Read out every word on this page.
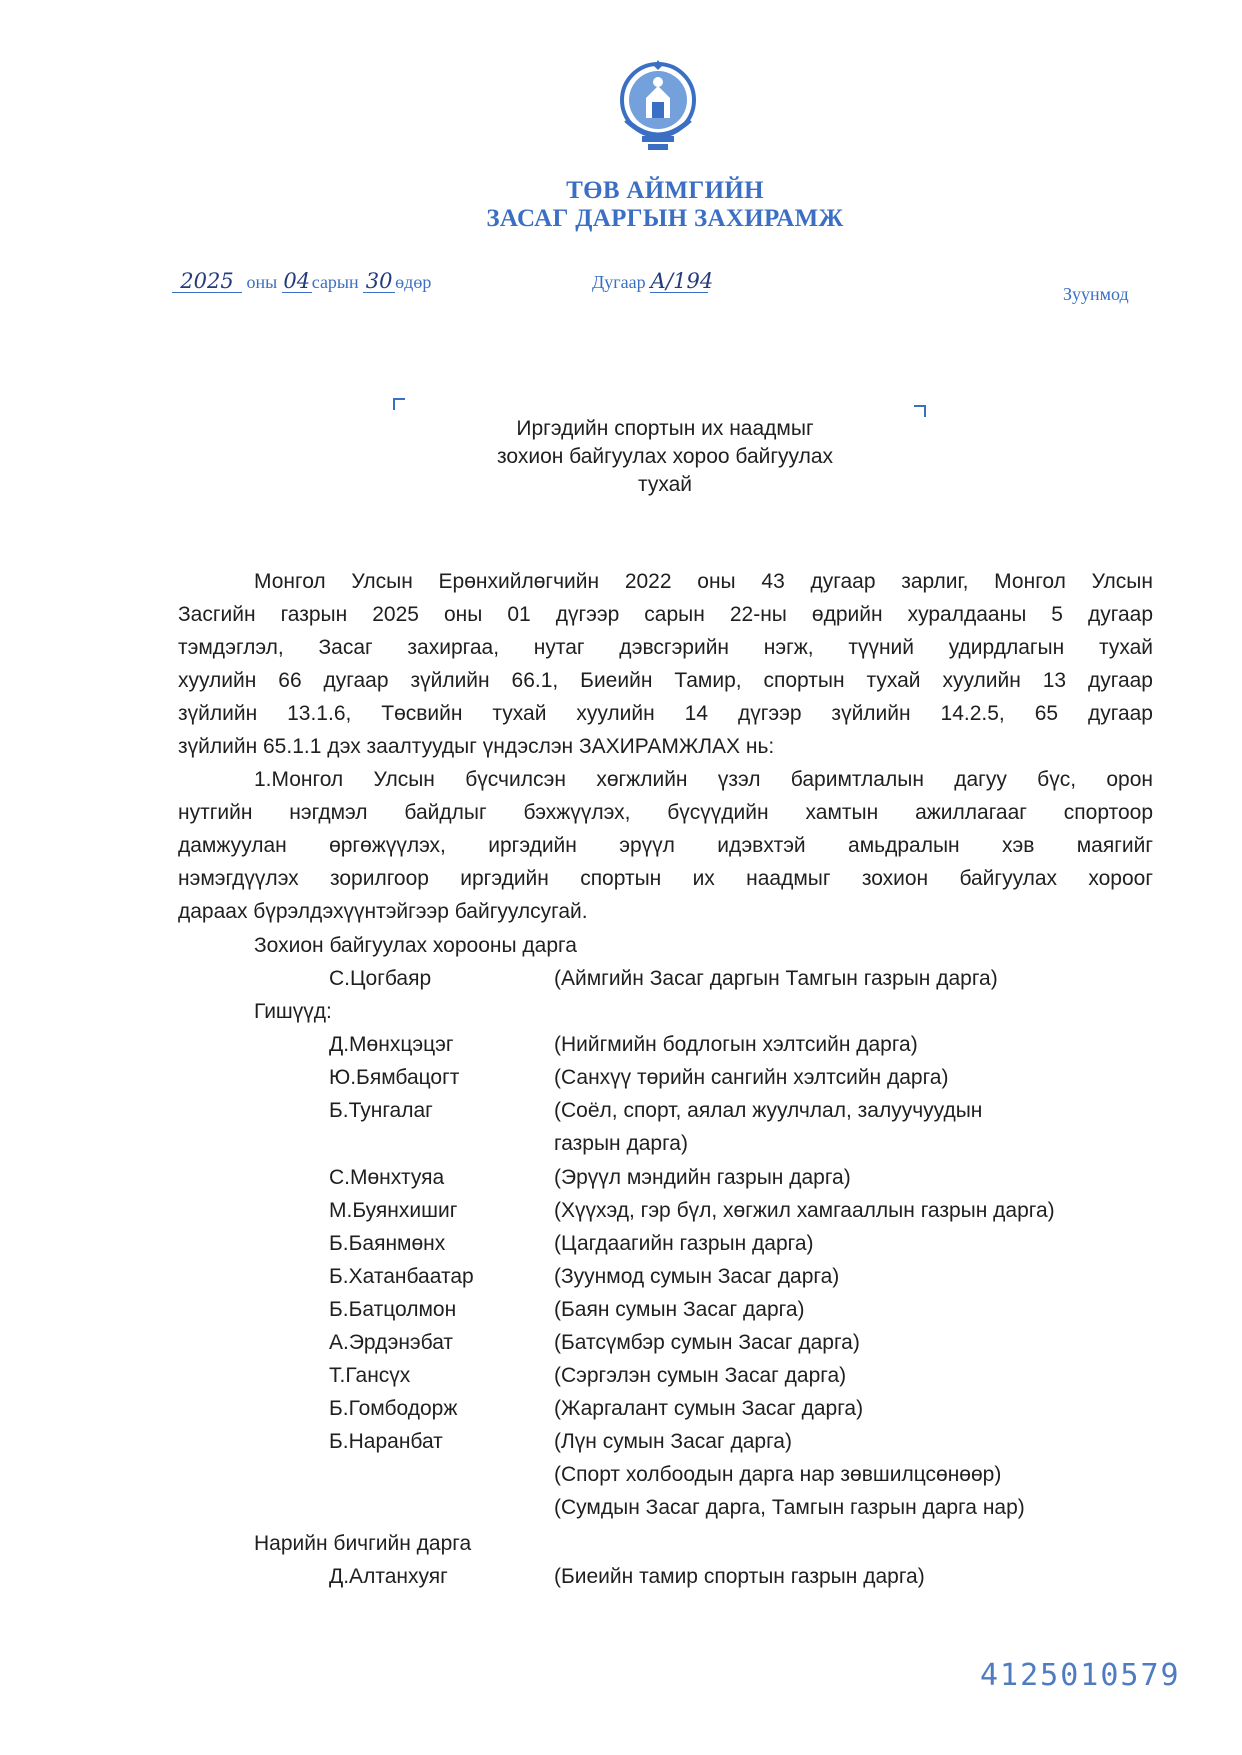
ТӨВ АЙМГИЙН
ЗАСАГ ДАРГЫН ЗАХИРАМЖ
2025 оны 04сарын 30 өдөр	Дугаар А/194
Зуунмод
Иргэдийн спортын их наадмыг
зохион байгуулах хороо байгуулах
тухай
Монгол Улсын Ерөнхийлөгчийн 2022 оны 43 дугаар зарлиг, Монгол Улсын
Засгийн газрын 2025 оны 01 дүгээр сарын 22-ны өдрийн хуралдааны 5 дугаар
тэмдэглэл, Засаг захиргаа, нутаг дэвсгэрийн нэгж, түүний удирдлагын тухай
хуулийн 66 дугаар зүйлийн 66.1, Биеийн Тамир, спортын тухай хуулийн 13 дугаар
зүйлийн 13.1.6, Төсвийн тухай хуулийн 14 дүгээр зүйлийн 14.2.5, 65 дугаар
зүйлийн 65.1.1 дэх заалтуудыг үндэслэн ЗАХИРАМЖЛАХ нь:
1.Монгол Улсын бүсчилсэн хөгжлийн үзэл баримтлалын дагуу бүс, орон
нутгийн нэгдмэл байдлыг бэхжүүлэх, бүсүүдийн хамтын ажиллагааг спортоор
дамжуулан өргөжүүлэх, иргэдийн эрүүл идэвхтэй амьдралын хэв маягийг
нэмэгдүүлэх зорилгоор иргэдийн спортын их наадмыг зохион байгуулах хороог
дараах бүрэлдэхүүнтэйгээр байгуулсугай.
Зохион байгуулах хорооны дарга
С.Цогбаяр	(Аймгийн Засаг даргын Тамгын газрын дарга)
Гишүүд:
Д.Мөнхцэцэг	(Нийгмийн бодлогын хэлтсийн дарга)
Ю.Бямбацогт	(Санхүү төрийн сангийн хэлтсийн дарга)
Б.Тунгалаг	(Соёл, спорт, аялал жуулчлал, залуучуудын
газрын дарга)
С.Мөнхтуяа	(Эрүүл мэндийн газрын дарга)
М.Буянхишиг	(Хүүхэд, гэр бүл, хөгжил хамгааллын газрын дарга)
Б.Баянмөнх	(Цагдаагийн газрын дарга)
Б.Хатанбаатар	(Зуунмод сумын Засаг дарга)
Б.Батцолмон	(Баян сумын Засаг дарга)
А.Эрдэнэбат	(Батсүмбэр сумын Засаг дарга)
Т.Гансүх	(Сэргэлэн сумын Засаг дарга)
Б.Гомбодорж	(Жаргалант сумын Засаг дарга)
Б.Наранбат	(Лүн сумын Засаг дарга)
(Спорт холбоодын дарга нар зөвшилцсөнөөр)
(Сумдын Засаг дарга, Тамгын газрын дарга нар)
Нарийн бичгийн дарга
Д.Алтанхуяг	(Биеийн тамир спортын газрын дарга)
4125010579
